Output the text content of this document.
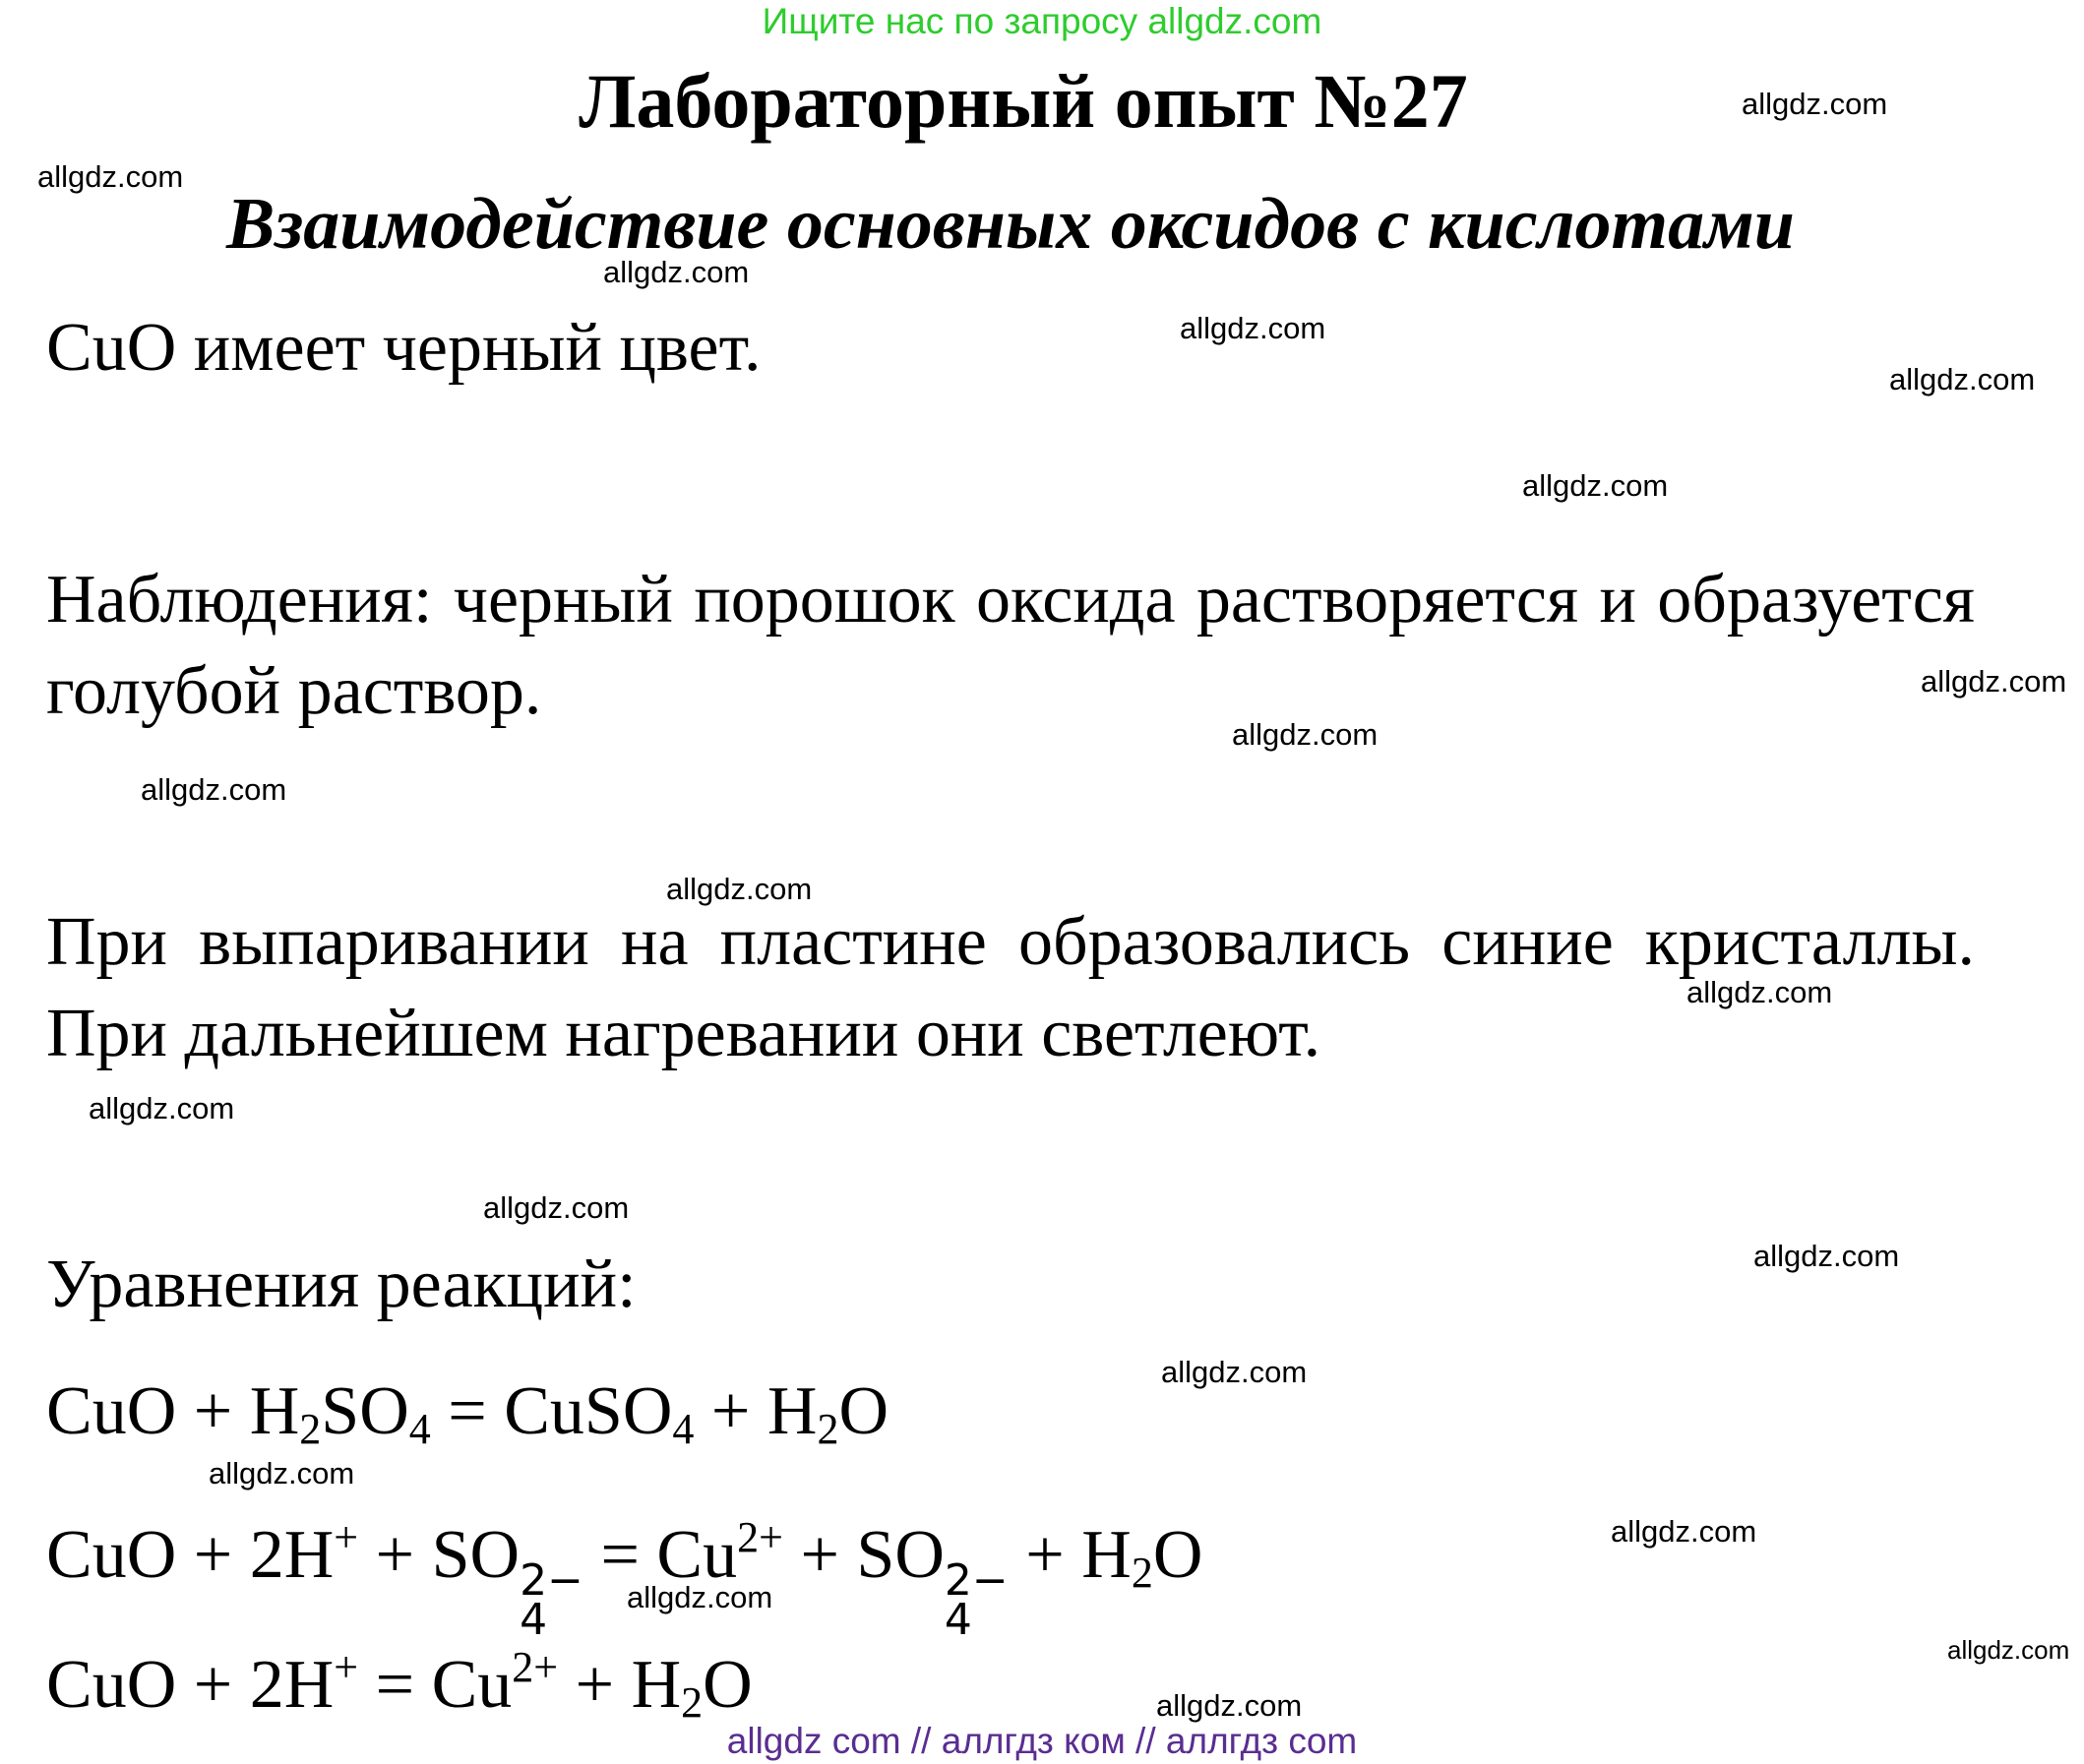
Ищите нас по запросу allgdz.com
Лабораторный опыт №27
Взаимодействие основных оксидов с кислотами
CuO имеет черный цвет.
Наблюдения: черный порошок оксида растворяется и образуется голубой раствор.
При выпаривании на пластине образовались синие кристаллы. При дальнейшем нагревании они светлеют.
Уравнения реакций:
CuO + $H_2SO_4$ = CuSO$_4$ + $H_2O$
CuO + 2H+ + SO 2−
4
= $Cu^{2+}$ + SO 2−
4
+ $H_2O$
CuO + $2H^+ = Cu^{2+} + H_2O$
allgdz.com
allgdz.com
allgdz.com
allgdz.com
allgdz.com
allgdz.com
allgdz.com
allgdz.com
allgdz.com
allgdz.com
allgdz.com
allgdz.com
allgdz.com
allgdz.com
allgdz.com
allgdz.com
allgdz.com
allgdz.com
allgdz.com
allgdz.com
allgdz com // аллгдз ком // аллгдз com
